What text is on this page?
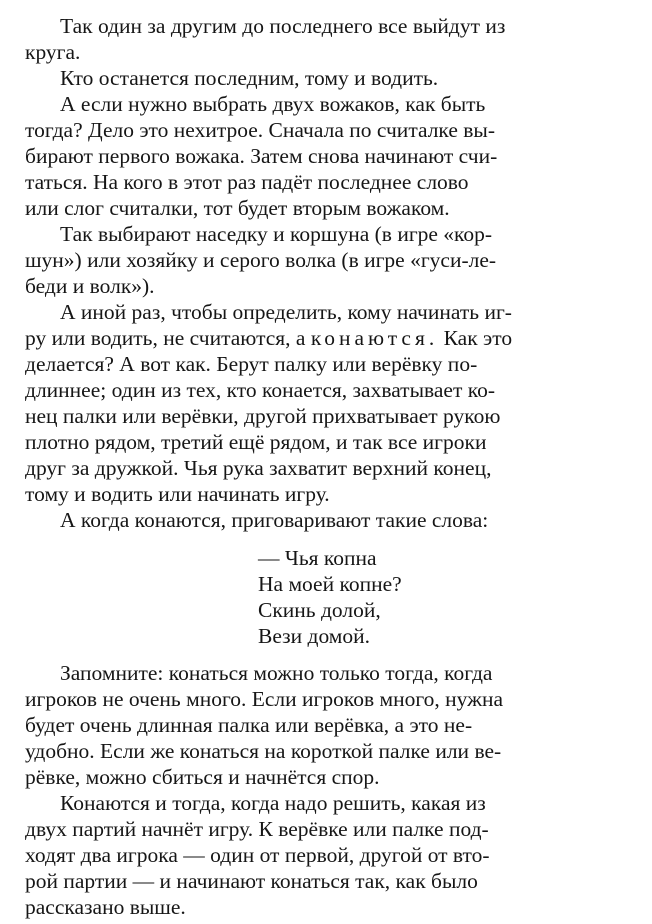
Так один за другим до последнего все выйдут из

круга.

Кто останется последним, тому и водить.

А если нужно выбрать двух вожаков, как быть

тогда? Дело это нехитрое. Сначала по считалке вы-

бирают первого вожака. Затем снова начинают счи-

таться. На кого в этот раз падёт последнее слово

или слог считалки, тот будет вторым вожаком.

Так выбирают наседку и коршуна (в игре «кор-

шун») или хозяйку и серого волка (в игре «гуси-ле-

беди и волк»).

А иной раз, чтобы определить, кому начинать иг-

ру или водить, не считаются, а конаются. Как это

делается? А вот как. Берут палку или верёвку по-

длиннее; один из тех, кто конается, захватывает ко-

нец палки или верёвки, другой прихватывает рукою

плотно рядом, третий ещё рядом, и так все игроки

друг за дружкой. Чья рука захватит верхний конец,

тому и водить или начинать игру.

А когда конаются, приговаривают такие слова:

— Чья копна

На моей копне?

Скинь долой,

Вези домой.

Запомните: конаться можно только тогда, когда

игроков не очень много. Если игроков много, нужна

будет очень длинная палка или верёвка, а это не-

удобно. Если же конаться на короткой палке или ве-

рёвке, можно сбиться и начнётся спор.

Конаются и тогда, когда надо решить, какая из

двух партий начнёт игру. К верёвке или палке под-

ходят два игрока — один от первой, другой от вто-

рой партии — и начинают конаться так, как было

рассказано выше.
